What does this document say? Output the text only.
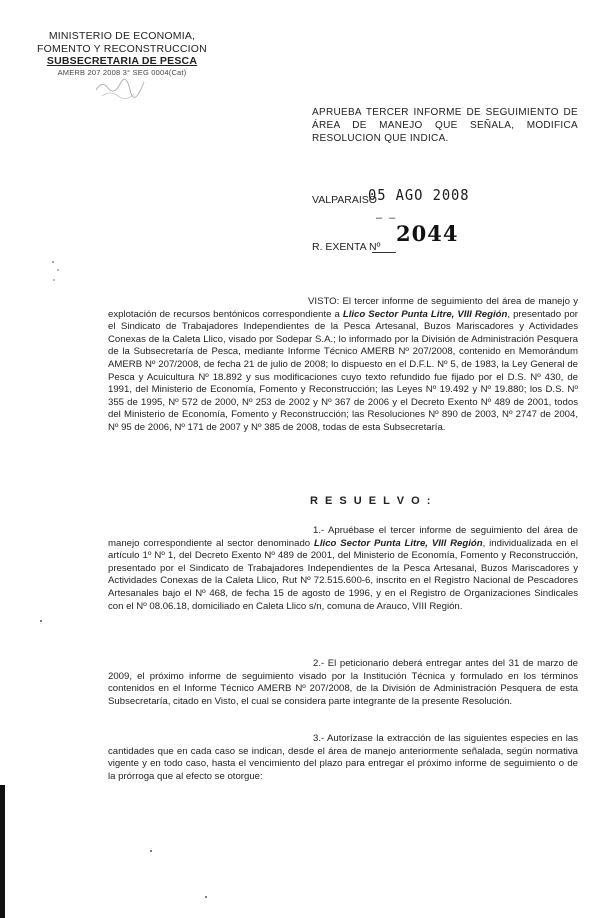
MINISTERIO DE ECONOMIA,
FOMENTO Y RECONSTRUCCION
SUBSECRETARIA DE PESCA
AMERB 207 2008 3° SEG 0004(Cat)
APRUEBA TERCER INFORME DE SEGUIMIENTO DE ÁREA DE MANEJO QUE SEÑALA, MODIFICA RESOLUCION QUE INDICA.
VALPARAISO
05 AGO 2008
– –
R. EXENTA Nº
2044
VISTO: El tercer informe de seguimiento del área de manejo y explotación de recursos bentónicos correspondiente a Llico Sector Punta Litre, VIII Región, presentado por el Sindicato de Trabajadores Independientes de la Pesca Artesanal, Buzos Mariscadores y Actividades Conexas de la Caleta Llico, visado por Sodepar S.A.; lo informado por la División de Administración Pesquera de la Subsecretaría de Pesca, mediante Informe Técnico AMERB Nº 207/2008, contenido en Memorándum AMERB Nº 207/2008, de fecha 21 de julio de 2008; lo dispuesto en el D.F.L. Nº 5, de 1983, la Ley General de Pesca y Acuicultura Nº 18.892 y sus modificaciones cuyo texto refundido fue fijado por el D.S. Nº 430, de 1991, del Ministerio de Economía, Fomento y Reconstrucción; las Leyes Nº 19.492 y Nº 19.880; los D.S. Nº 355 de 1995, Nº 572 de 2000, Nº 253 de 2002 y Nº 367 de 2006 y el Decreto Exento Nº 489 de 2001, todos del Ministerio de Economía, Fomento y Reconstrucción; las Resoluciones Nº 890 de 2003, Nº 2747 de 2004, Nº 95 de 2006, Nº 171 de 2007 y Nº 385 de 2008, todas de esta Subsecretaría.
R E S U E L V O :
1.- Apruébase el tercer informe de seguimiento del área de manejo correspondiente al sector denominado Llico Sector Punta Litre, VIII Región, individualizada en el artículo 1º Nº 1, del Decreto Exento Nº 489 de 2001, del Ministerio de Economía, Fomento y Reconstrucción, presentado por el Sindicato de Trabajadores Independientes de la Pesca Artesanal, Buzos Mariscadores y Actividades Conexas de la Caleta Llico, Rut Nº 72.515.600-6, inscrito en el Registro Nacional de Pescadores Artesanales bajo el Nº 468, de fecha 15 de agosto de 1996, y en el Registro de Organizaciones Sindicales con el Nº 08.06.18, domiciliado en Caleta Llico s/n, comuna de Arauco, VIII Región.
2.- El peticionario deberá entregar antes del 31 de marzo de 2009, el próximo informe de seguimiento visado por la Institución Técnica y formulado en los términos contenidos en el Informe Técnico AMERB Nº 207/2008, de la División de Administración Pesquera de esta Subsecretaría, citado en Visto, el cual se considera parte integrante de la presente Resolución.
3.- Autorízase la extracción de las siguientes especies en las cantidades que en cada caso se indican, desde el área de manejo anteriormente señalada, según normativa vigente y en todo caso, hasta el vencimiento del plazo para entregar el próximo informe de seguimiento o de la prórroga que al efecto se otorgue:
